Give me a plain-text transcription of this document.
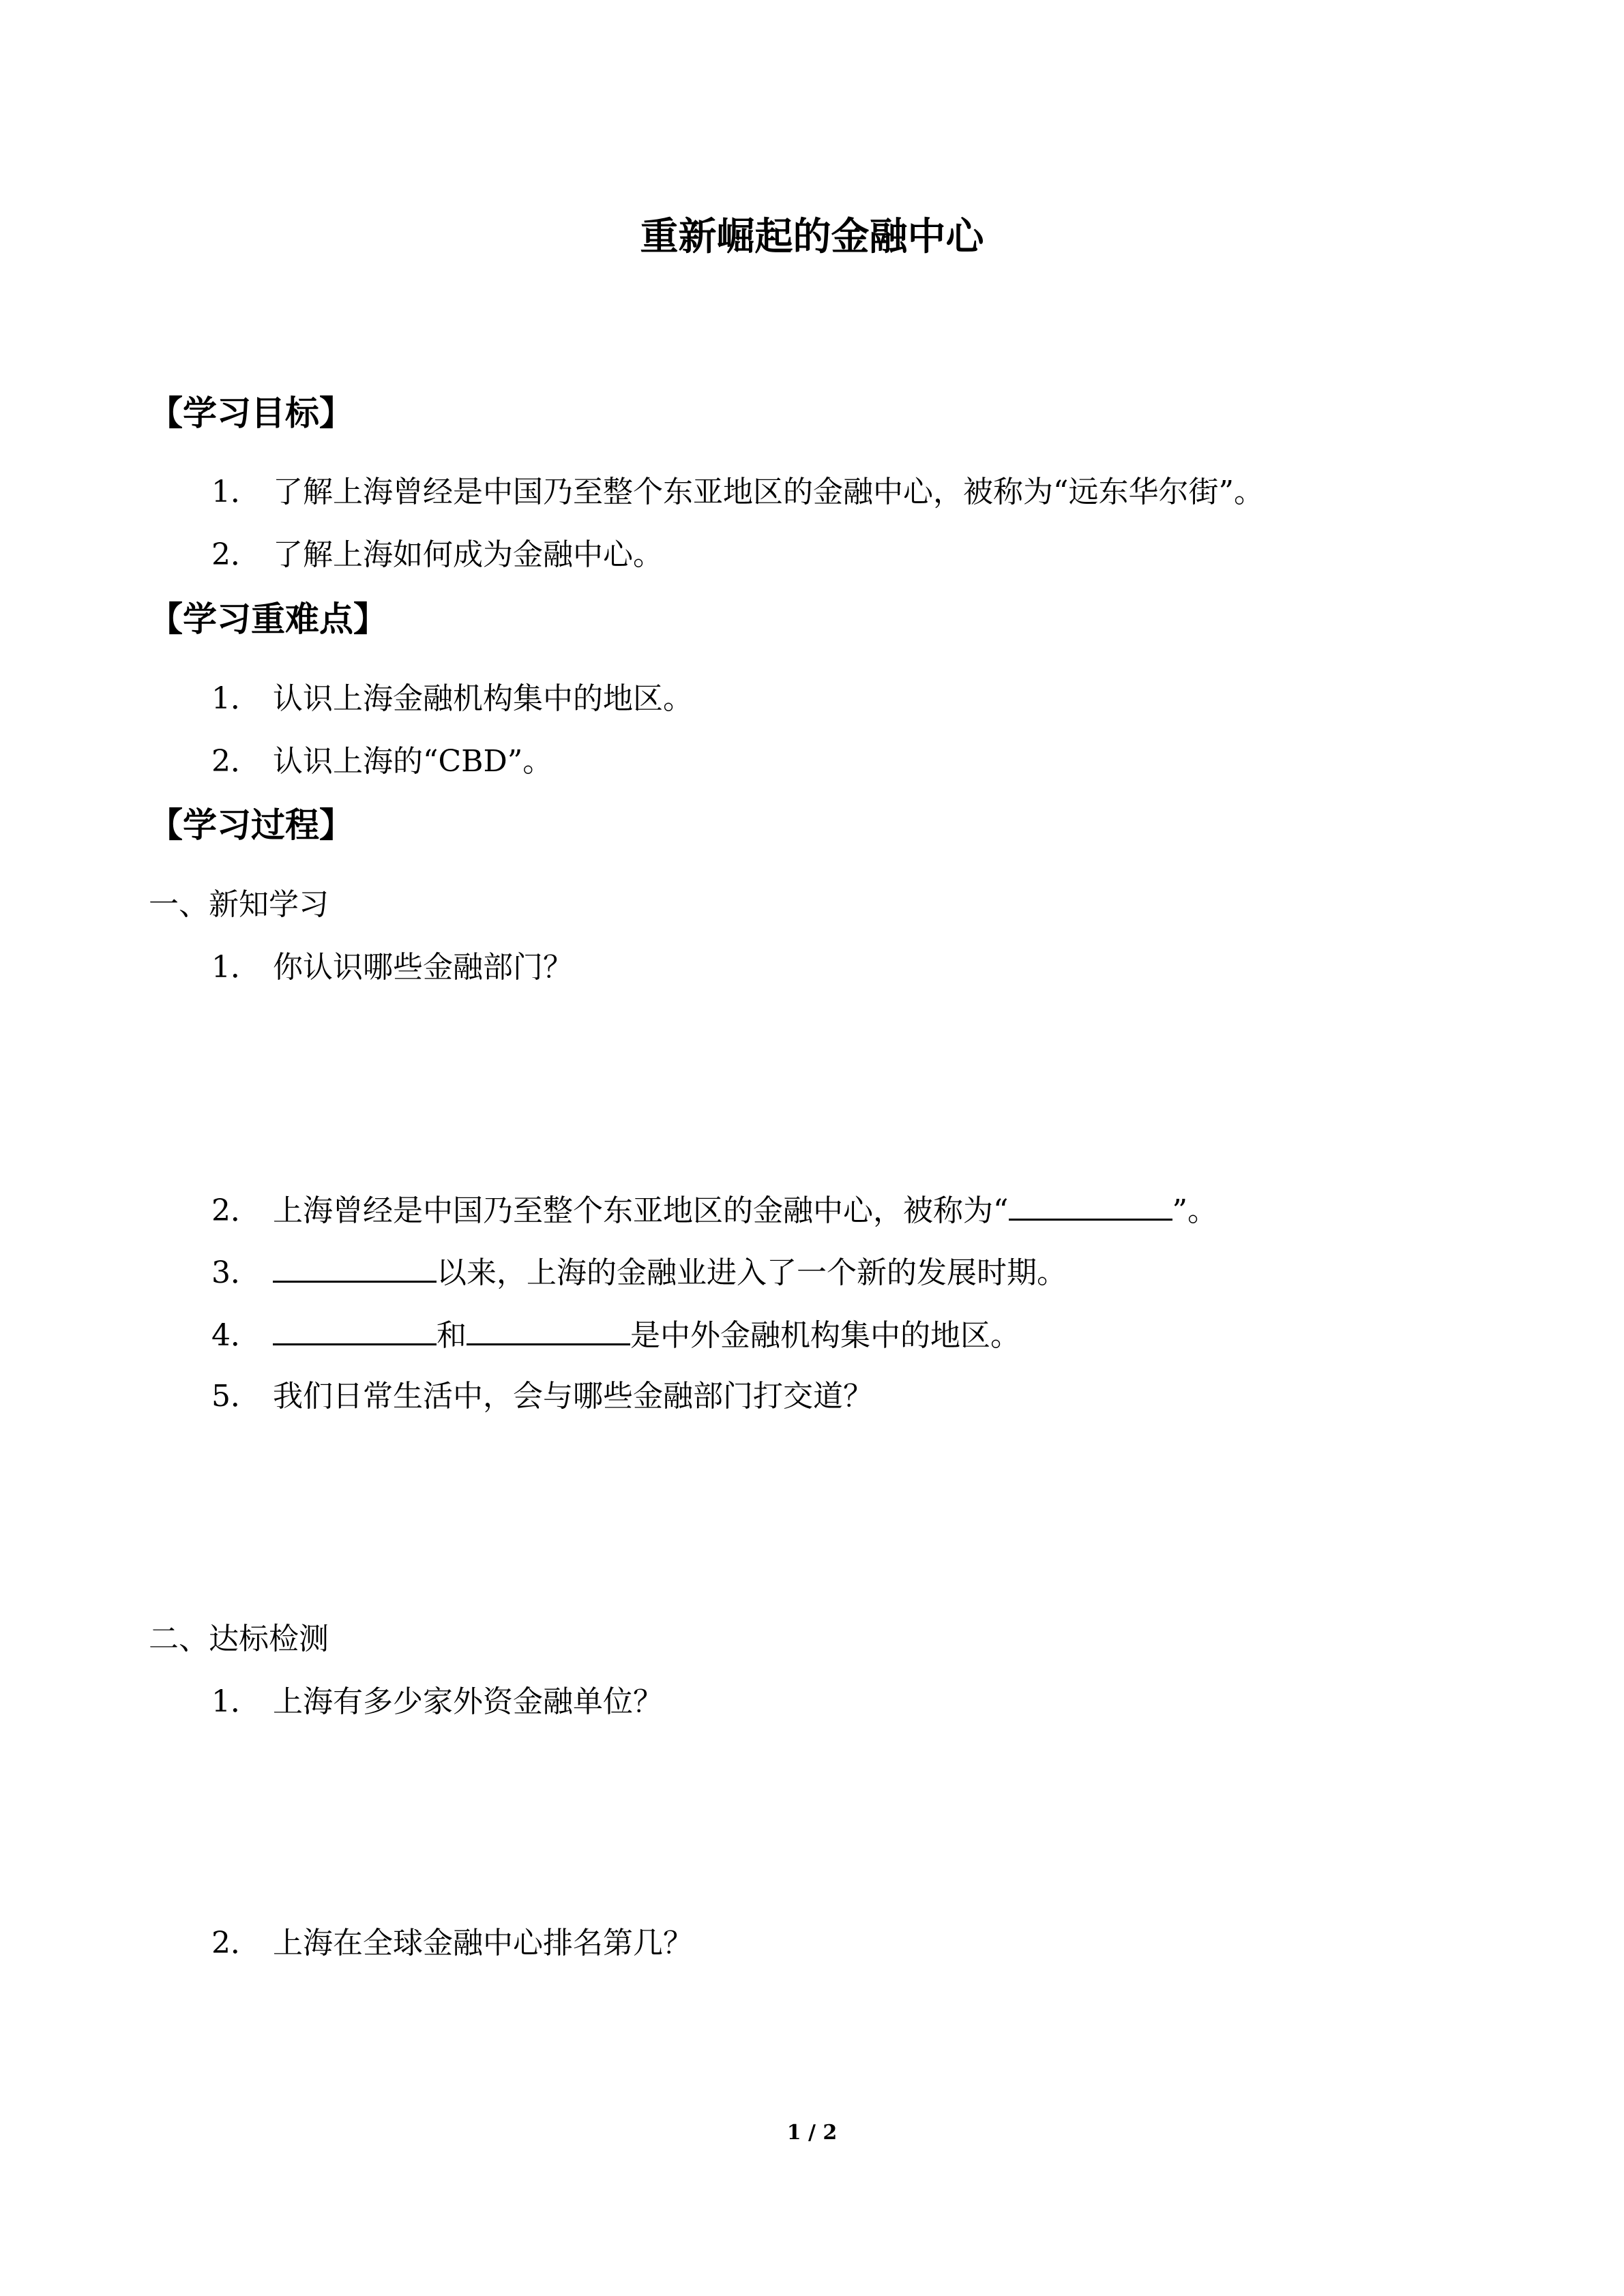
重新崛起的金融中心
【学习目标】
1． 了解上海曾经是中国乃至整个东亚地区的金融中心，被称为“远东华尔街”。
2． 了解上海如何成为金融中心。
【学习重难点】
1． 认识上海金融机构集中的地区。
2． 认识上海的“CBD”。
【学习过程】
一、新知学习
1． 你认识哪些金融部门？
2． 上海曾经是中国乃至整个东亚地区的金融中心，被称为“	”。
3．	以来，上海的金融业进入了一个新的发展时期。
4．	和	是中外金融机构集中的地区。
5． 我们日常生活中，会与哪些金融部门打交道？
二、达标检测
1． 上海有多少家外资金融单位？
2． 上海在全球金融中心排名第几？
1 / 2
